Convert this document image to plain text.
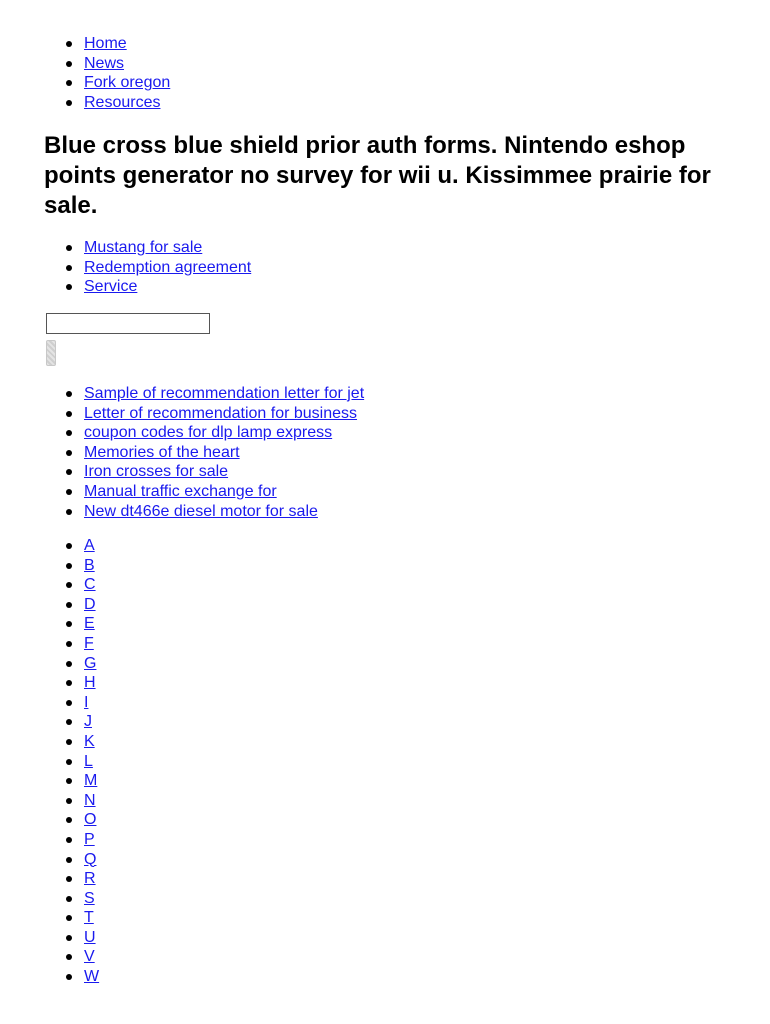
Home
News
Fork oregon
Resources
Blue cross blue shield prior auth forms. Nintendo eshop points generator no survey for wii u. Kissimmee prairie for sale.
Mustang for sale
Redemption agreement
Service
Sample of recommendation letter for jet
Letter of recommendation for business
coupon codes for dlp lamp express
Memories of the heart
Iron crosses for sale
Manual traffic exchange for
New dt466e diesel motor for sale
A
B
C
D
E
F
G
H
I
J
K
L
M
N
O
P
Q
R
S
T
U
V
W
